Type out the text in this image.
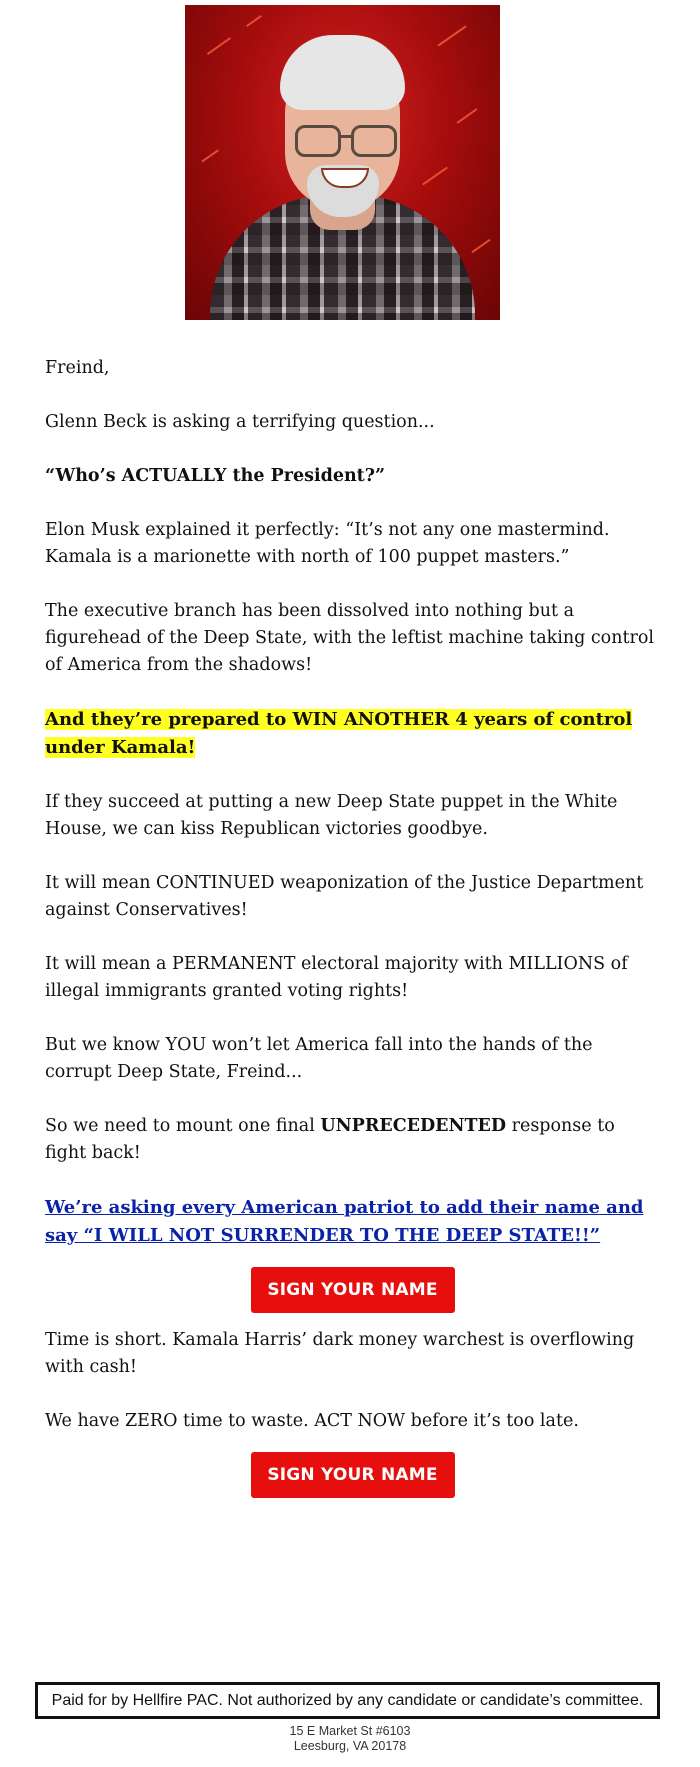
Freind,

Glenn Beck is asking a terrifying question...

“Who’s ACTUALLY the President?”

Elon Musk explained it perfectly: “It’s not any one mastermind. Kamala is a marionette with north of 100 puppet masters.”

The executive branch has been dissolved into nothing but a figurehead of the Deep State, with the leftist machine taking control of America from the shadows!

And they’re prepared to WIN ANOTHER 4 years of control under Kamala!

If they succeed at putting a new Deep State puppet in the White House, we can kiss Republican victories goodbye.

It will mean CONTINUED weaponization of the Justice Department against Conservatives!

It will mean a PERMANENT electoral majority with MILLIONS of illegal immigrants granted voting rights!

But we know YOU won’t let America fall into the hands of the corrupt Deep State, Freind...

So we need to mount one final UNPRECEDENTED response to fight back!

We’re asking every American patriot to add their name and say “I WILL NOT SURRENDER TO THE DEEP STATE!!”

SIGN YOUR NAME

Time is short. Kamala Harris’ dark money warchest is overflowing with cash!

We have ZERO time to waste. ACT NOW before it’s too late.

SIGN YOUR NAME
Paid for by Hellfire PAC. Not authorized by any candidate or candidate’s committee.
15 E Market St #6103
Leesburg, VA 20178
